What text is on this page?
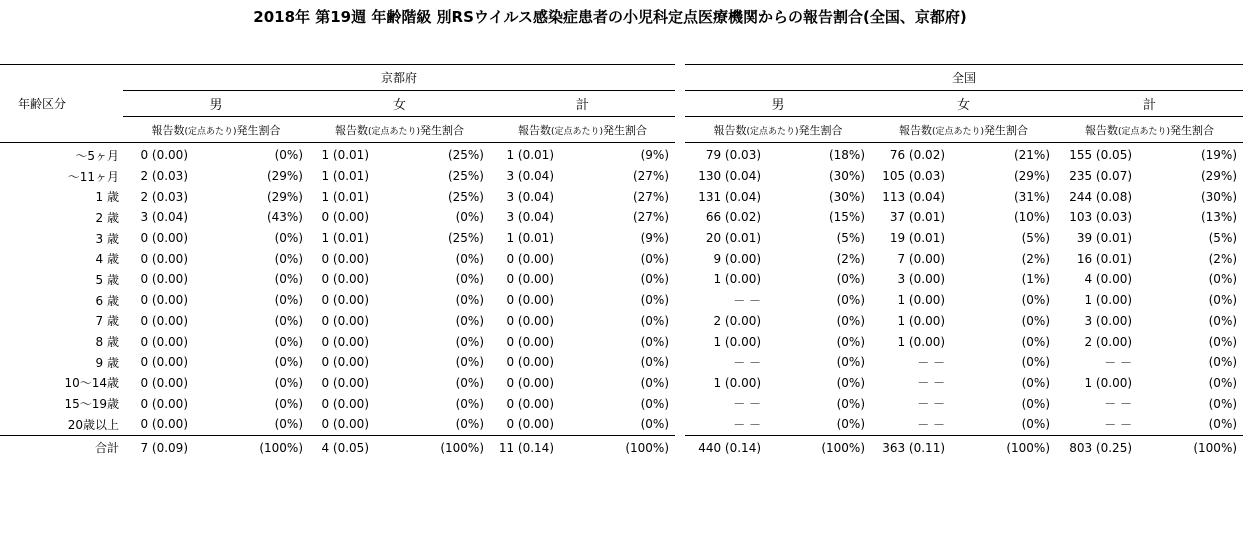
2018年 第19週 年齢階級 別RSウイルス感染症患者の小児科定点医療機関からの報告割合(全国、京都府)
年齢区分	京都府							全国					
	男		女		計			男		女		計	
	報告数(定点あたり)発生割合		報告数(定点あたり)発生割合		報告数(定点あたり)発生割合			報告数(定点あたり)発生割合		報告数(定点あたり)発生割合		報告数(定点あたり)発生割合	
～5ヶ月	0 (0.00)	(0%)	1 (0.01)	(25%)	1 (0.01)	(9%)		79 (0.03)	(18%)	76 (0.02)	(21%)	155 (0.05)	(19%)
～11ヶ月	2 (0.03)	(29%)	1 (0.01)	(25%)	3 (0.04)	(27%)		130 (0.04)	(30%)	105 (0.03)	(29%)	235 (0.07)	(29%)
1 歳	2 (0.03)	(29%)	1 (0.01)	(25%)	3 (0.04)	(27%)		131 (0.04)	(30%)	113 (0.04)	(31%)	244 (0.08)	(30%)
2 歳	3 (0.04)	(43%)	0 (0.00)	(0%)	3 (0.04)	(27%)		66 (0.02)	(15%)	37 (0.01)	(10%)	103 (0.03)	(13%)
3 歳	0 (0.00)	(0%)	1 (0.01)	(25%)	1 (0.01)	(9%)		20 (0.01)	(5%)	19 (0.01)	(5%)	39 (0.01)	(5%)
4 歳	0 (0.00)	(0%)	0 (0.00)	(0%)	0 (0.00)	(0%)		9 (0.00)	(2%)	7 (0.00)	(2%)	16 (0.01)	(2%)
5 歳	0 (0.00)	(0%)	0 (0.00)	(0%)	0 (0.00)	(0%)		1 (0.00)	(0%)	3 (0.00)	(1%)	4 (0.00)	(0%)
6 歳	0 (0.00)	(0%)	0 (0.00)	(0%)	0 (0.00)	(0%)		－ －	(0%)	1 (0.00)	(0%)	1 (0.00)	(0%)
7 歳	0 (0.00)	(0%)	0 (0.00)	(0%)	0 (0.00)	(0%)		2 (0.00)	(0%)	1 (0.00)	(0%)	3 (0.00)	(0%)
8 歳	0 (0.00)	(0%)	0 (0.00)	(0%)	0 (0.00)	(0%)		1 (0.00)	(0%)	1 (0.00)	(0%)	2 (0.00)	(0%)
9 歳	0 (0.00)	(0%)	0 (0.00)	(0%)	0 (0.00)	(0%)		－ －	(0%)	－ －	(0%)	－ －	(0%)
10～14歳	0 (0.00)	(0%)	0 (0.00)	(0%)	0 (0.00)	(0%)		1 (0.00)	(0%)	－ －	(0%)	1 (0.00)	(0%)
15～19歳	0 (0.00)	(0%)	0 (0.00)	(0%)	0 (0.00)	(0%)		－ －	(0%)	－ －	(0%)	－ －	(0%)
20歳以上	0 (0.00)	(0%)	0 (0.00)	(0%)	0 (0.00)	(0%)		－ －	(0%)	－ －	(0%)	－ －	(0%)
合計	7 (0.09)	(100%)	4 (0.05)	(100%)	11 (0.14)	(100%)		440 (0.14)	(100%)	363 (0.11)	(100%)	803 (0.25)	(100%)
